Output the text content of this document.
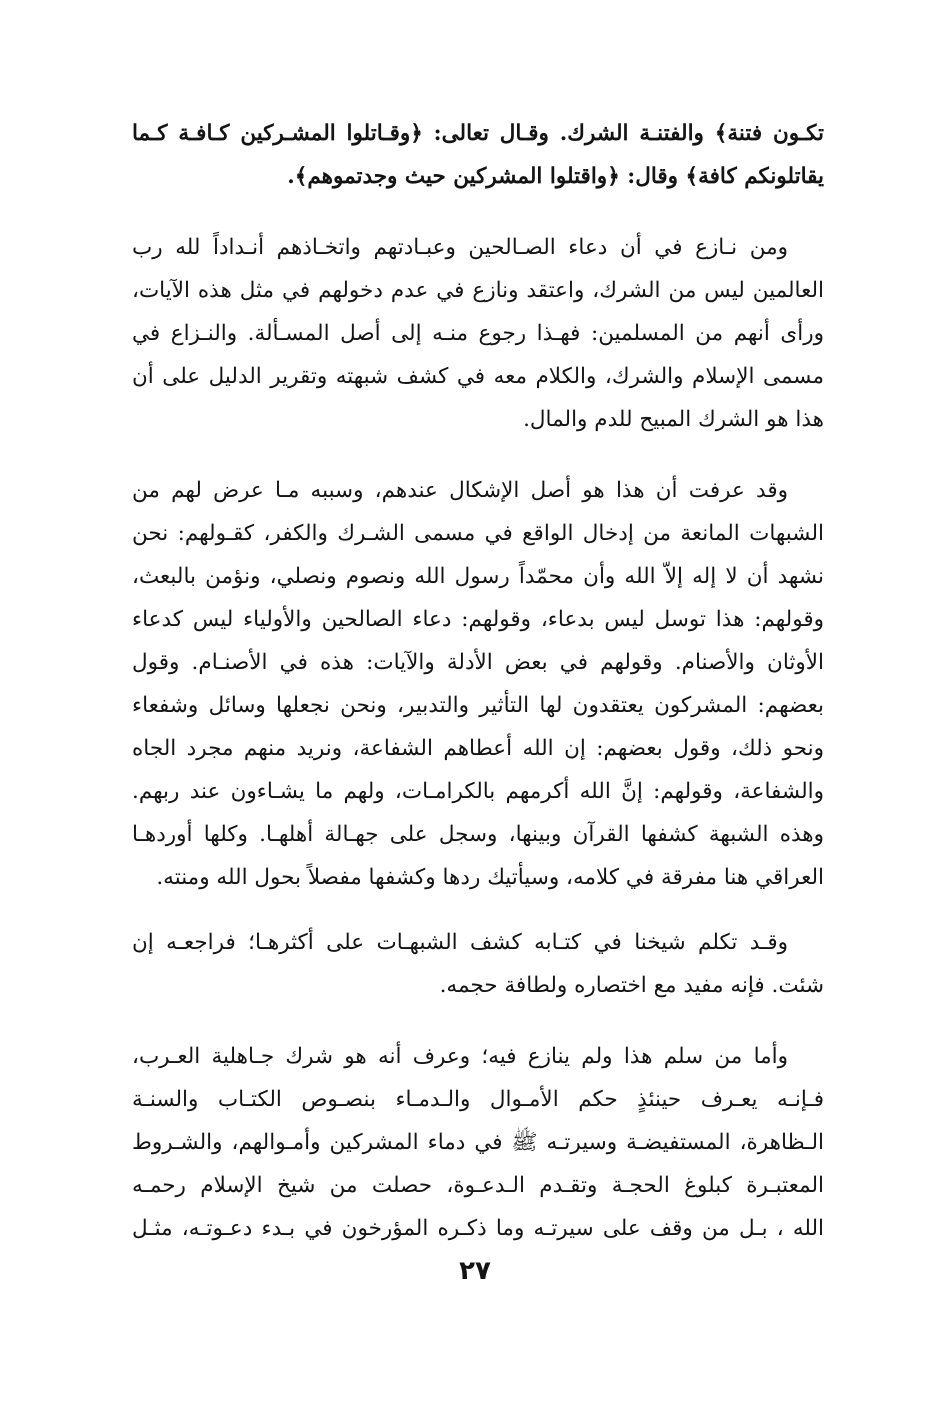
تكـون فتنة﴾ والفتنـة الشرك. وقـال تعالى: ﴿وقـاتلوا المشـركين كـافـة كـما
يقاتلونكم كافة﴾ وقال: ﴿واقتلوا المشركين حيث وجدتموهم﴾.
ومن نـازع في أن دعاء الصـالحين وعبـادتهم واتخـاذهم أنـداداً لله رب
العالمين ليس من الشرك، واعتقد ونازع في عدم دخولهم في مثل هذه الآيات،
ورأى أنهم من المسلمين: فهـذا رجوع منـه إلى أصل المسـألة. والنـزاع في
مسمى الإسلام والشرك، والكلام معه في كشف شبهته وتقرير الدليل على أن
هذا هو الشرك المبيح للدم والمال.
وقد عرفت أن هذا هو أصل الإشكال عندهم، وسببه مـا عرض لهم من
الشبهات المانعة من إدخال الواقع في مسمى الشـرك والكفر، كقـولهم: نحن
نشهد أن لا إله إلاّ الله وأن محمّداً رسول الله ونصوم ونصلي، ونؤمن بالبعث،
وقولهم: هذا توسل ليس بدعاء، وقولهم: دعاء الصالحين والأولياء ليس كدعاء
الأوثان والأصنام. وقولهم في بعض الأدلة والآيات: هذه في الأصنـام. وقول
بعضهم: المشركون يعتقدون لها التأثير والتدبير، ونحن نجعلها وسائل وشفعاء
ونحو ذلك، وقول بعضهم: إن الله أعطاهم الشفاعة، ونريد منهم مجرد الجاه
والشفاعة، وقولهم: إنَّ الله أكرمهم بالكرامـات، ولهم ما يشـاءون عند ربهم.
وهذه الشبهة كشفها القرآن وبينها، وسجل على جهـالة أهلهـا. وكلها أوردهـا
العراقي هنا مفرقة في كلامه، وسيأتيك ردها وكشفها مفصلاً بحول الله ومنته.
وقـد تكلم شيخنا في كتـابه كشف الشبهـات على أكثرهـا؛ فراجعـه إن
شئت. فإنه مفيد مع اختصاره ولطافة حجمه.
وأما من سلم هذا ولم ينازع فيه؛ وعرف أنه هو شرك جـاهلية العـرب،
فـإنـه يعـرف حينئذٍ حكم الأمـوال والـدمـاء بنصـوص الكتـاب والسنـة
الـظاهرة، المستفيضـة وسيرتـه ﷺ في دماء المشركين وأمـوالهم، والشـروط
المعتبـرة كبلوغ الحجـة وتقـدم الـدعـوة، حصلت من شيخ الإسلام رحمـه
الله ، بـل من وقف على سيرتـه وما ذكـره المؤرخون في بـدء دعـوتـه، مثـل
٢٧
